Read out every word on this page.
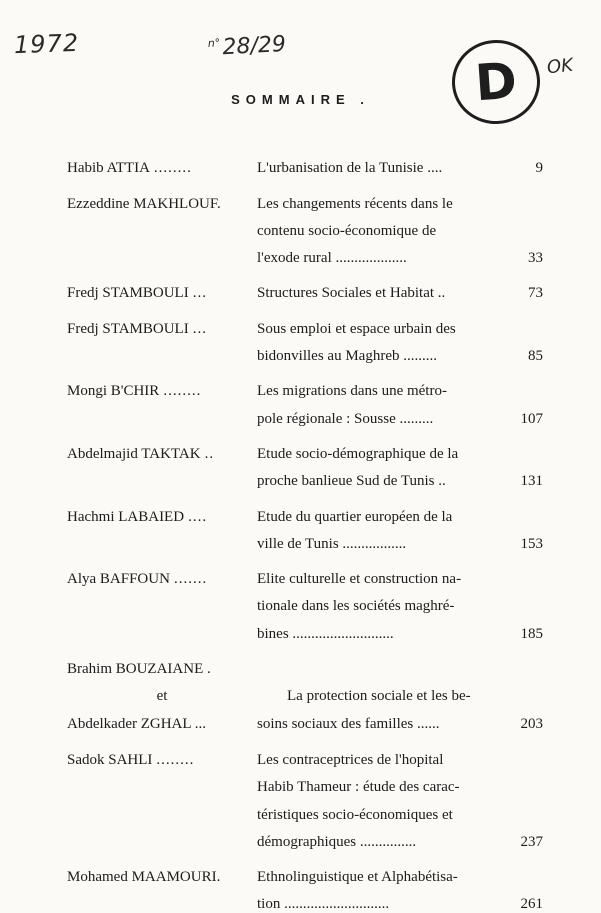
1972	$^{n^\circ}$28/29
D	OK
SOMMAIRE .
Habib ATTIA ........	L'urbanisation de la Tunisie ....	9
Ezzeddine MAKHLOUF. Les changements récents dans le
contenu socio-économique de
l'exode rural ...................	33
Fredj STAMBOULI ...	Structures Sociales et Habitat ..	73
Fredj STAMBOULI ...	Sous emploi et espace urbain des
bidonvilles au Maghreb .........	85
Mongi B'CHIR ........	Les migrations dans une métro-
pole régionale : Sousse .........	107
Abdelmajid TAKTAK ..	Etude socio-démographique de la
proche banlieue Sud de Tunis ..	131
Hachmi LABAIED ....	Etude du quartier européen de la
ville de Tunis .................	153
Alya BAFFOUN .......	Elite culturelle et construction na-
tionale dans les sociétés maghré-
bines ...........................	185
Brahim BOUZAIANE .
et	La protection sociale et les be-
Abdelkader ZGHAL ...	soins sociaux des familles ......	203
Sadok SAHLI ........	Les contraceptrices de l'hopital
Habib Thameur : étude des carac-
téristiques socio-économiques et
démographiques ...............	237
Mohamed MAAMOURI. Ethnolinguistique et Alphabétisa-
tion ............................	261
